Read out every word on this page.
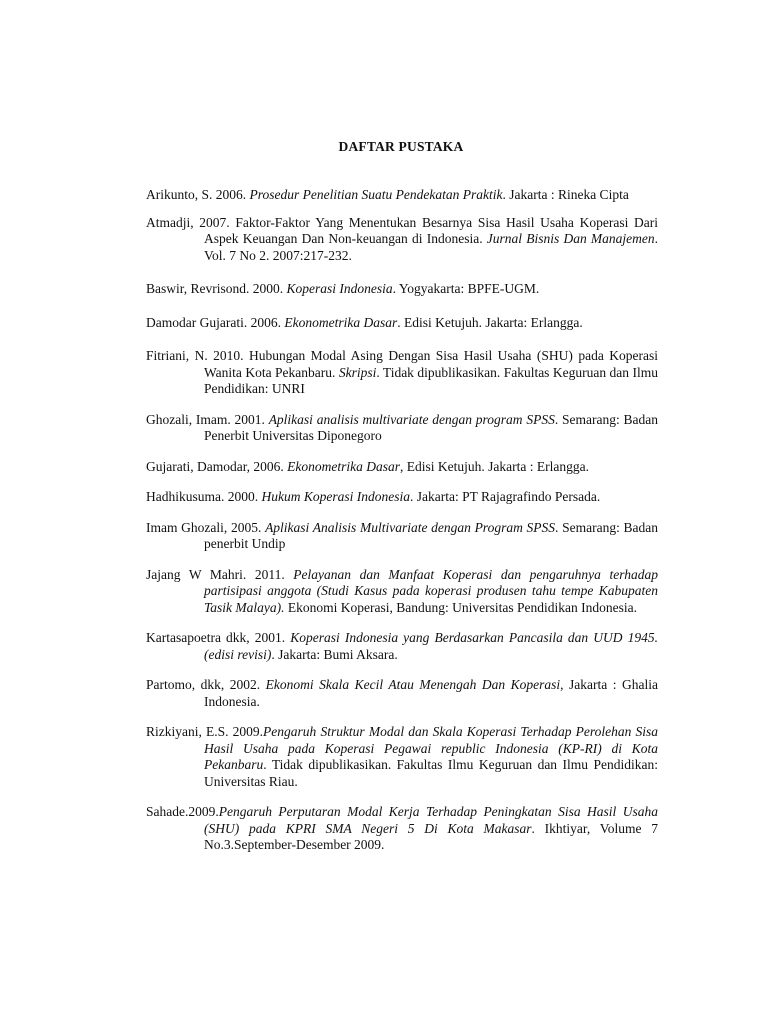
DAFTAR PUSTAKA

Arikunto, S. 2006. Prosedur Penelitian Suatu Pendekatan Praktik. Jakarta : Rineka Cipta

Atmadji, 2007. Faktor-Faktor Yang Menentukan Besarnya Sisa Hasil Usaha Koperasi Dari Aspek Keuangan Dan Non-keuangan di Indonesia. Jurnal Bisnis Dan Manajemen. Vol. 7 No 2. 2007:217-232.

Baswir, Revrisond. 2000. Koperasi Indonesia. Yogyakarta: BPFE-UGM.

Damodar Gujarati. 2006. Ekonometrika Dasar. Edisi Ketujuh. Jakarta: Erlangga.

Fitriani, N. 2010. Hubungan Modal Asing Dengan Sisa Hasil Usaha (SHU) pada Koperasi Wanita Kota Pekanbaru. Skripsi. Tidak dipublikasikan. Fakultas Keguruan dan Ilmu Pendidikan: UNRI

Ghozali, Imam. 2001. Aplikasi analisis multivariate dengan program SPSS. Semarang: Badan Penerbit Universitas Diponegoro

Gujarati, Damodar, 2006. Ekonometrika Dasar, Edisi Ketujuh. Jakarta : Erlangga.

Hadhikusuma. 2000. Hukum Koperasi Indonesia. Jakarta: PT Rajagrafindo Persada.

Imam Ghozali, 2005. Aplikasi Analisis Multivariate dengan Program SPSS. Semarang: Badan penerbit Undip

Jajang W Mahri. 2011. Pelayanan dan Manfaat Koperasi dan pengaruhnya terhadap partisipasi anggota (Studi Kasus pada koperasi produsen tahu tempe Kabupaten Tasik Malaya). Ekonomi Koperasi, Bandung: Universitas Pendidikan Indonesia.

Kartasapoetra dkk, 2001. Koperasi Indonesia yang Berdasarkan Pancasila dan UUD 1945. (edisi revisi). Jakarta: Bumi Aksara.

Partomo, dkk, 2002. Ekonomi Skala Kecil Atau Menengah Dan Koperasi, Jakarta : Ghalia Indonesia.

Rizkiyani, E.S. 2009.Pengaruh Struktur Modal dan Skala Koperasi Terhadap Perolehan Sisa Hasil Usaha pada Koperasi Pegawai republic Indonesia (KP-RI) di Kota Pekanbaru. Tidak dipublikasikan. Fakultas Ilmu Keguruan dan Ilmu Pendidikan: Universitas Riau.

Sahade.2009.Pengaruh Perputaran Modal Kerja Terhadap Peningkatan Sisa Hasil Usaha (SHU) pada KPRI SMA Negeri 5 Di Kota Makasar. Ikhtiyar, Volume 7 No.3.September-Desember 2009.
